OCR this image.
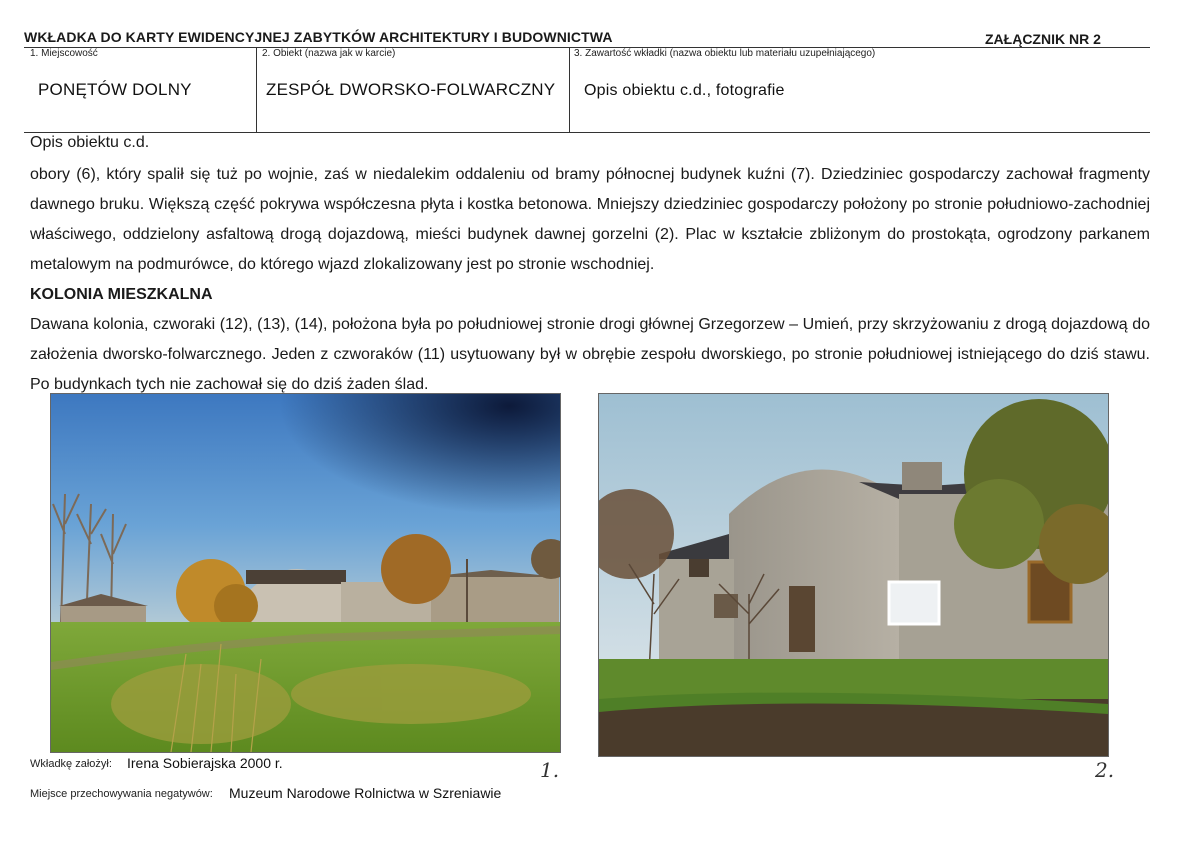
WKŁADKA DO KARTY EWIDENCYJNEJ ZABYTKÓW ARCHITEKTURY I BUDOWNICTWA	ZAŁĄCZNIK NR 2
1. Miejscowość
PONĘTÓW DOLNY
2. Obiekt (nazwa jak w karcie)
ZESPÓŁ DWORSKO-FOLWARCZNY
3. Zawartość wkładki (nazwa obiektu lub materiału uzupełniającego)
Opis obiektu c.d., fotografie
Opis obiektu c.d.

obory (6), który spalił się tuż po wojnie, zaś w niedalekim oddaleniu od bramy północnej budynek kuźni (7). Dziedziniec gospodarczy zachował fragmenty dawnego bruku. Większą część pokrywa współczesna płyta i kostka betonowa. Mniejszy dziedziniec gospodarczy położony po stronie południowo-zachodniej właściwego, oddzielony asfaltową drogą dojazdową, mieści budynek dawnej gorzelni (2). Plac w kształcie zbliżonym do prostokąta, ogrodzony parkanem metalowym na podmurówce, do którego wjazd zlokalizowany jest po stronie wschodniej.

KOLONIA MIESZKALNA

Dawana kolonia, czworaki (12), (13), (14), położona była po południowej stronie drogi głównej Grzegorzew – Umień, przy skrzyżowaniu z drogą dojazdową do założenia dworsko-folwarcznego. Jeden z czworaków (11) usytuowany był w obrębie zespołu dworskiego, po stronie południowej istniejącego do dziś stawu. Po budynkach tych nie zachował się do dziś żaden ślad.

1.	2.
Wkładkę założył: Irena Sobierajska 2000 r.
Miejsce przechowywania negatywów: Muzeum Narodowe Rolnictwa w Szreniawie
